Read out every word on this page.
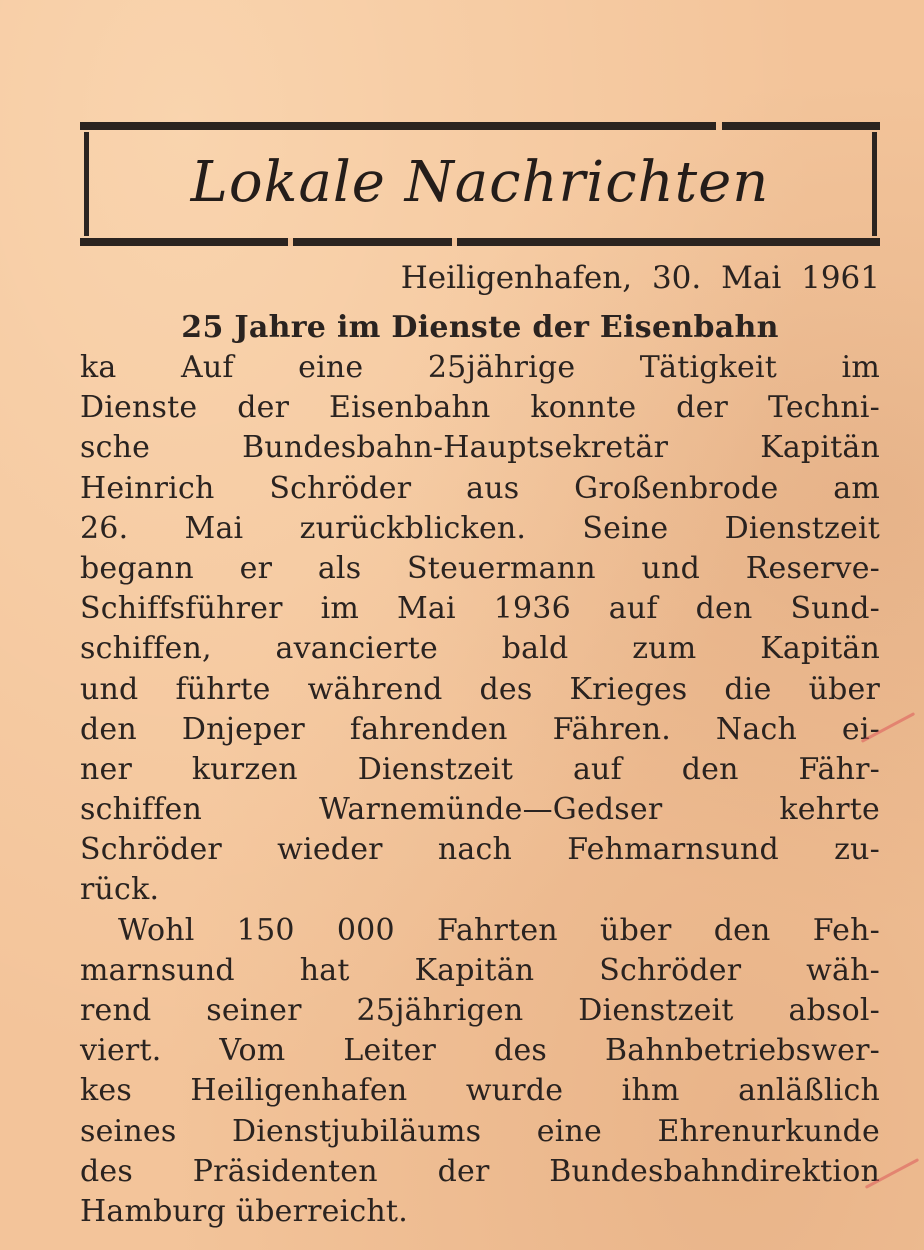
Lokale Nachrichten
Heiligenhafen, 30. Mai 1961
25 Jahre im Dienste der Eisenbahn
ka Auf eine 25jährige Tätigkeit im
Dienste der Eisenbahn konnte der Techni-
sche Bundesbahn-Hauptsekretär Kapitän
Heinrich Schröder aus Großenbrode am
26. Mai zurückblicken. Seine Dienstzeit
begann er als Steuermann und Reserve-
Schiffsführer im Mai 1936 auf den Sund-
schiffen, avancierte bald zum Kapitän
und führte während des Krieges die über
den Dnjeper fahrenden Fähren. Nach ei-
ner kurzen Dienstzeit auf den Fähr-
schiffen Warnemünde—Gedser kehrte
Schröder wieder nach Fehmarnsund zu-
rück.
Wohl 150 000 Fahrten über den Feh-
marnsund hat Kapitän Schröder wäh-
rend seiner 25jährigen Dienstzeit absol-
viert. Vom Leiter des Bahnbetriebswer-
kes Heiligenhafen wurde ihm anläßlich
seines Dienstjubiläums eine Ehrenurkunde
des Präsidenten der Bundesbahndirektion
Hamburg überreicht.
